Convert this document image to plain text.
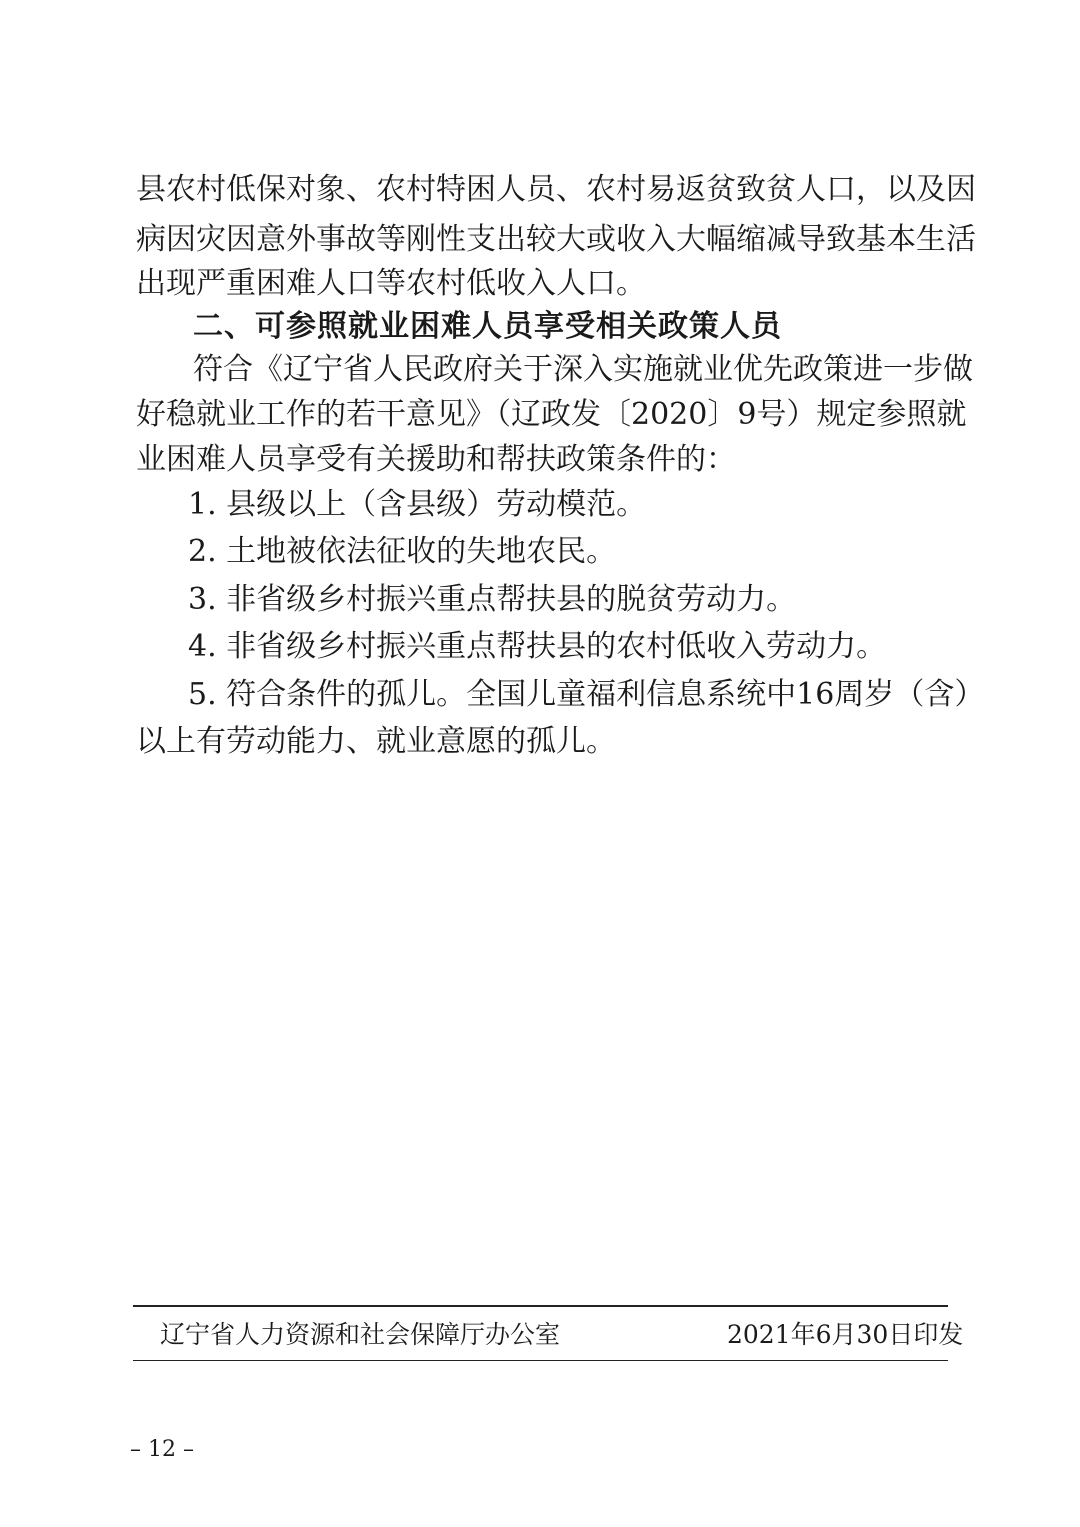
县农村低保对象、农村特困人员、农村易返贫致贫人口，以及因
病因灾因意外事故等刚性支出较大或收入大幅缩减导致基本生活
出现严重困难人口等农村低收入人口。
二、可参照就业困难人员享受相关政策人员
符合《辽宁省人民政府关于深入实施就业优先政策进一步做
好稳就业工作的若干意见》（辽政发〔2020〕9号）规定参照就
业困难人员享受有关援助和帮扶政策条件的：
1. 县级以上（含县级）劳动模范。
2. 土地被依法征收的失地农民。
3. 非省级乡村振兴重点帮扶县的脱贫劳动力。
4. 非省级乡村振兴重点帮扶县的农村低收入劳动力。
5. 符合条件的孤儿。全国儿童福利信息系统中16周岁（含）
以上有劳动能力、就业意愿的孤儿。
辽宁省人力资源和社会保障厅办公室	2021年6月30日印发
– 12 –
